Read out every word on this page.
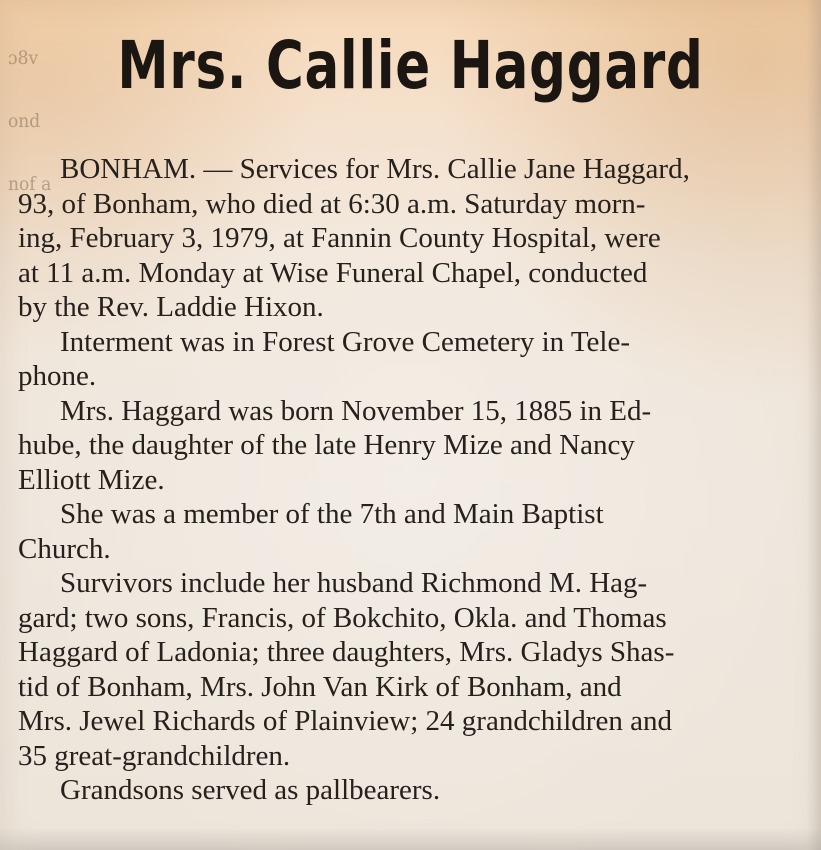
ɔ8v

ond

nof a

Mrs. Callie Haggard

BONHAM. — Services for Mrs. Callie Jane Haggard,
93, of Bonham, who died at 6:30 a.m. Saturday morn-
ing, February 3, 1979, at Fannin County Hospital, were
at 11 a.m. Monday at Wise Funeral Chapel, conducted
by the Rev. Laddie Hixon.

Interment was in Forest Grove Cemetery in Tele-
phone.

Mrs. Haggard was born November 15, 1885 in Ed-
hube, the daughter of the late Henry Mize and Nancy
Elliott Mize.

She was a member of the 7th and Main Baptist
Church.

Survivors include her husband Richmond M. Hag-
gard; two sons, Francis, of Bokchito, Okla. and Thomas
Haggard of Ladonia; three daughters, Mrs. Gladys Shas-
tid of Bonham, Mrs. John Van Kirk of Bonham, and
Mrs. Jewel Richards of Plainview; 24 grandchildren and
35 great-grandchildren.

Grandsons served as pallbearers.
